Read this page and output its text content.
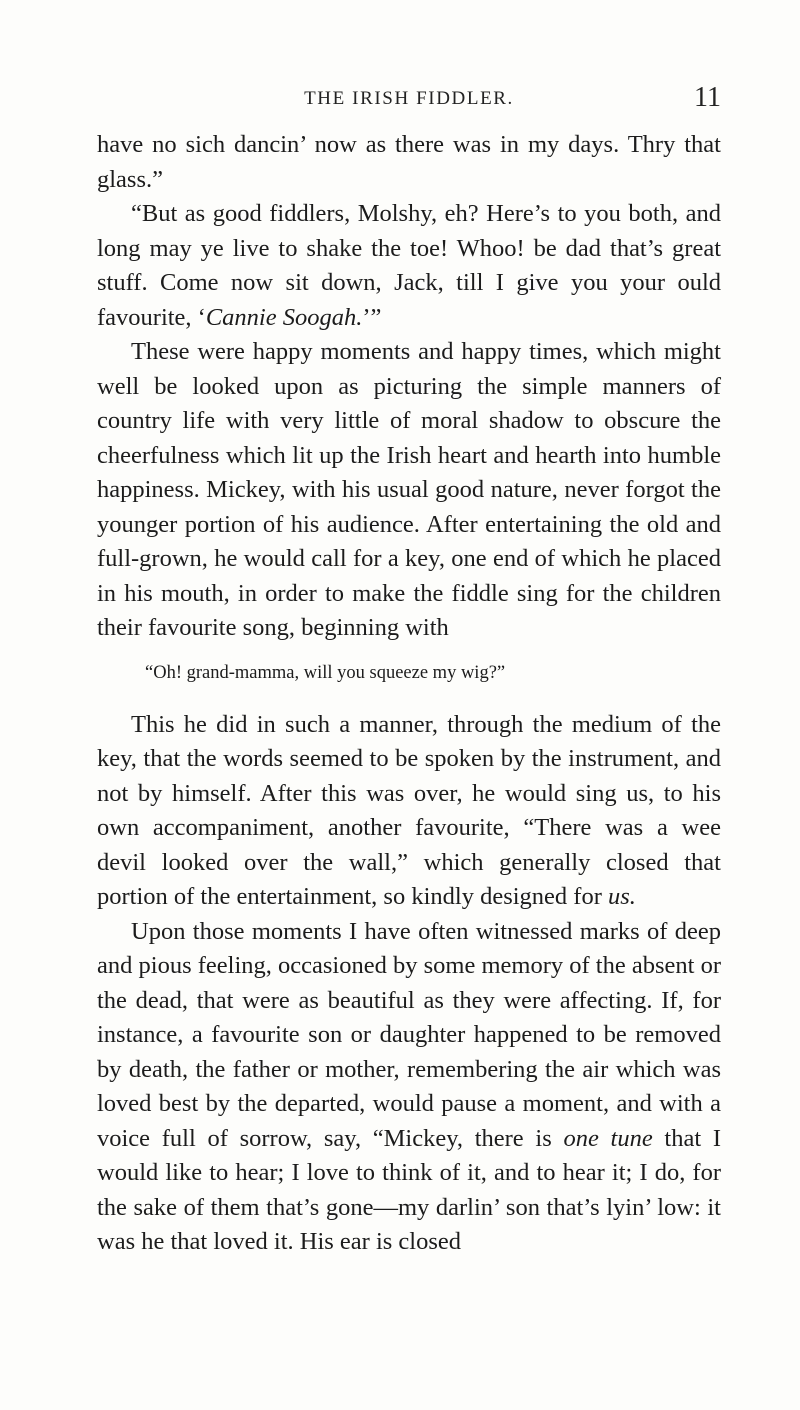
THE IRISH FIDDLER.	11

have no sich dancin’ now as there was in my days. Thry that glass.”

“But as good fiddlers, Molshy, eh? Here’s to you both, and long may ye live to shake the toe! Whoo! be dad that’s great stuff. Come now sit down, Jack, till I give you your ould favourite, ‘Cannie Soogah.’”

These were happy moments and happy times, which might well be looked upon as picturing the simple manners of country life with very little of moral shadow to obscure the cheerfulness which lit up the Irish heart and hearth into humble happiness. Mickey, with his usual good nature, never forgot the younger portion of his audience. After entertaining the old and full-grown, he would call for a key, one end of which he placed in his mouth, in order to make the fiddle sing for the children their favourite song, beginning with

“Oh! grand-mamma, will you squeeze my wig?”

This he did in such a manner, through the medium of the key, that the words seemed to be spoken by the instrument, and not by himself. After this was over, he would sing us, to his own accompaniment, another favourite, “There was a wee devil looked over the wall,” which generally closed that portion of the entertainment, so kindly designed for us.

Upon those moments I have often witnessed marks of deep and pious feeling, occasioned by some memory of the absent or the dead, that were as beautiful as they were affecting. If, for instance, a favourite son or daughter happened to be removed by death, the father or mother, remembering the air which was loved best by the departed, would pause a moment, and with a voice full of sorrow, say, “Mickey, there is one tune that I would like to hear; I love to think of it, and to hear it; I do, for the sake of them that’s gone—my darlin’ son that’s lyin’ low: it was he that loved it. His ear is closed
